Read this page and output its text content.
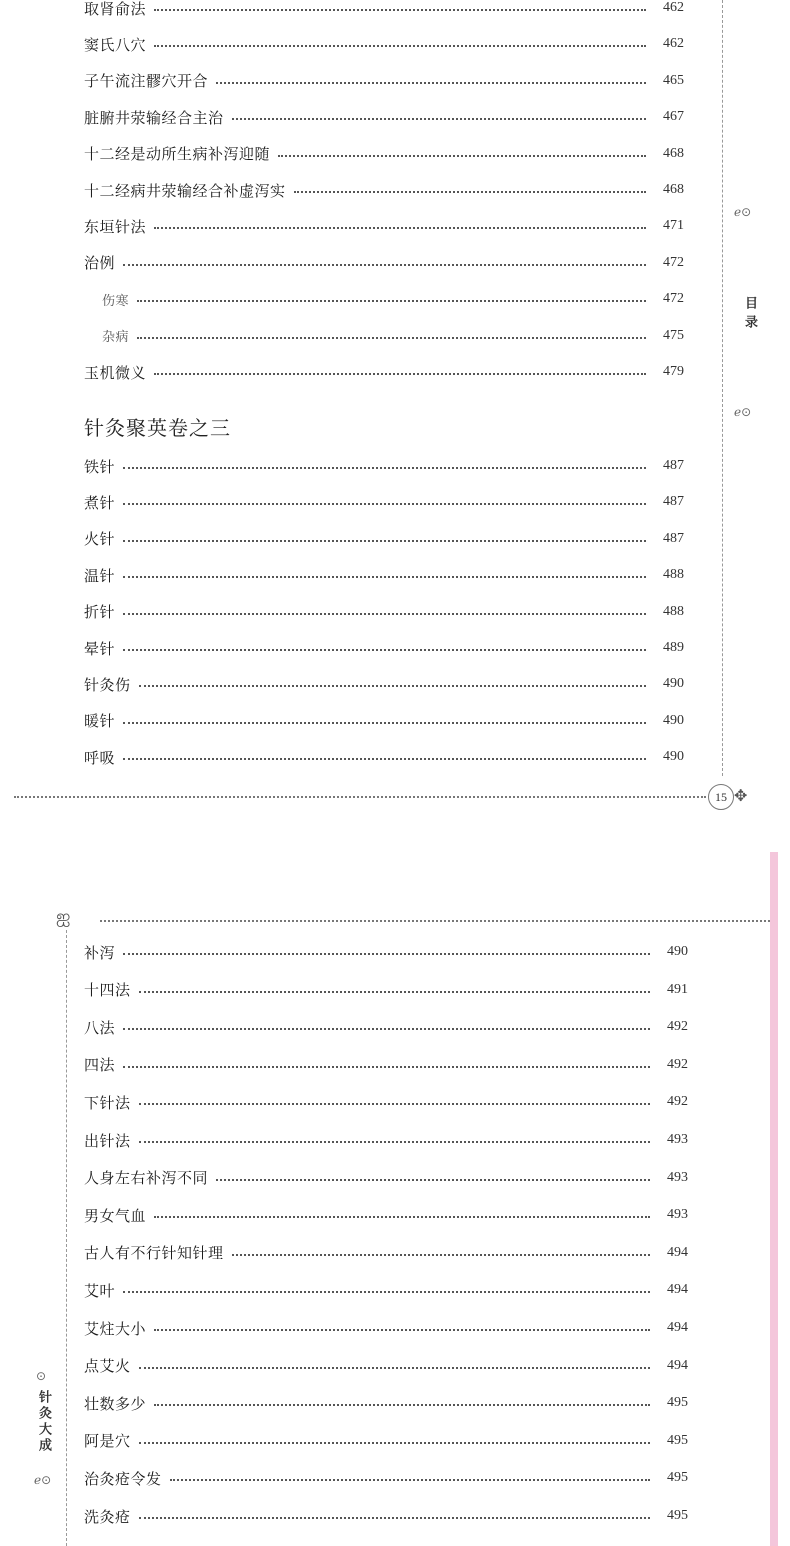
取肾俞法	462
窦氏八穴	462
子午流注髎穴开合	465
脏腑井荥输经合主治	467
十二经是动所生病补泻迎随	468
十二经病井荥输经合补虚泻实	468
东垣针法	471
治例	472
伤寒	472
杂病	475
玉机微义	479
针灸聚英卷之三
铁针	487
煮针	487
火针	487
温针	488
折针	488
晕针	489
针灸伤	490
暖针	490
呼吸	490
ℯ⊙
目录
ℯ⊙
15 ✥
ஐ
补泻	490
十四法	491
八法	492
四法	492
下针法	492
出针法	493
人身左右补泻不同	493
男女气血	493
古人有不行针知针理	494
艾叶	494
艾炷大小	494
点艾火	494
壮数多少	495
阿是穴	495
治灸疮令发	495
洗灸疮	495
⊙
针灸大成
ℯ⊙
